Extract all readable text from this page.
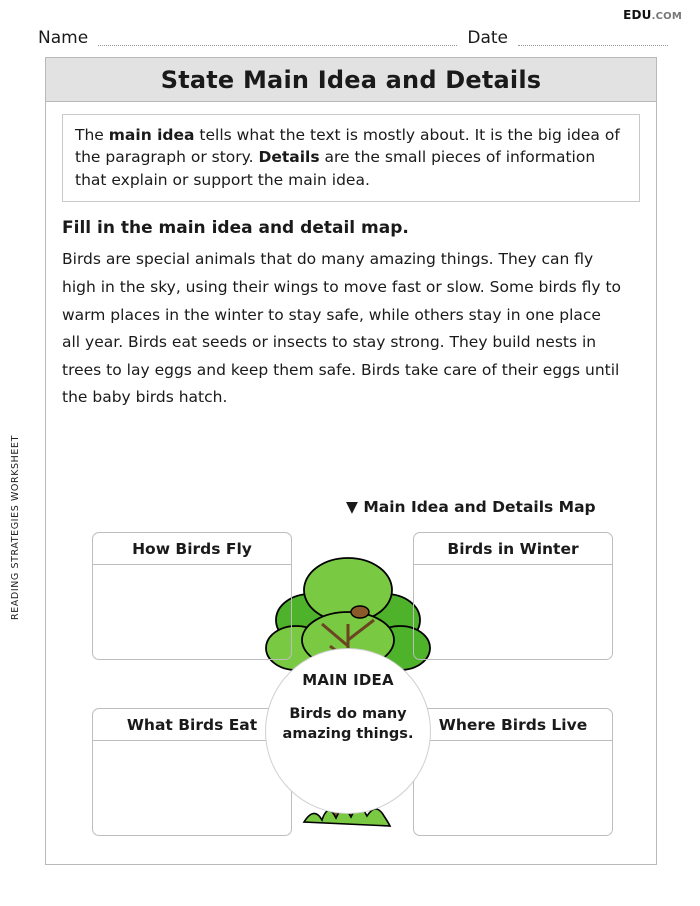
EDU.COM
Name	Date
READING STRATEGIES WORKSHEET
State Main Idea and Details
The main idea tells what the text is mostly about. It is the big idea of the paragraph or story. Details are the small pieces of information that explain or support the main idea.
Fill in the main idea and detail map.
Birds are special animals that do many amazing things. They can fly high in the sky, using their wings to move fast or slow. Some birds fly to warm places in the winter to stay safe, while others stay in one place all year. Birds eat seeds or insects to stay strong. They build nests in trees to lay eggs and keep them safe. Birds take care of their eggs until the baby birds hatch.
▼ Main Idea and Details Map
How Birds Fly	Birds in Winter
What Birds Eat	Where Birds Live
MAIN IDEA
Birds do many amazing things.
